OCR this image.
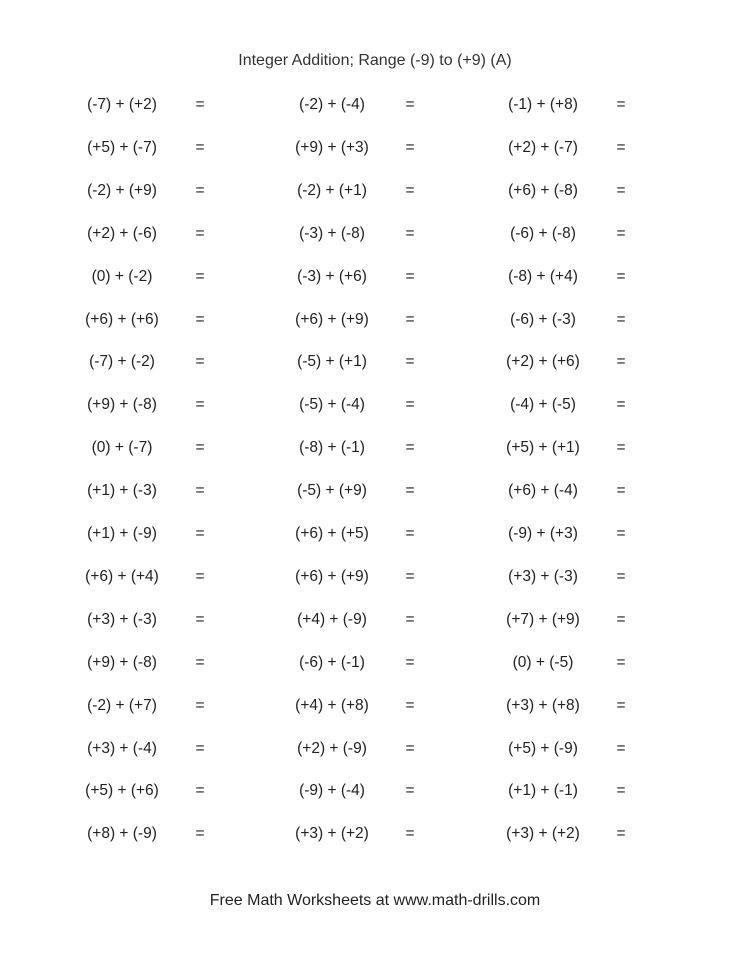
Integer Addition; Range (-9) to (+9) (A)
(-7) + (+2)	=	(-2) + (-4)	=	(-1) + (+8)	=
(+5) + (-7)	=	(+9) + (+3)	=	(+2) + (-7)	=
(-2) + (+9)	=	(-2) + (+1)	=	(+6) + (-8)	=
(+2) + (-6)	=	(-3) + (-8)	=	(-6) + (-8)	=
(0) + (-2)	=	(-3) + (+6)	=	(-8) + (+4)	=
(+6) + (+6)	=	(+6) + (+9)	=	(-6) + (-3)	=
(-7) + (-2)	=	(-5) + (+1)	=	(+2) + (+6)	=
(+9) + (-8)	=	(-5) + (-4)	=	(-4) + (-5)	=
(0) + (-7)	=	(-8) + (-1)	=	(+5) + (+1)	=
(+1) + (-3)	=	(-5) + (+9)	=	(+6) + (-4)	=
(+1) + (-9)	=	(+6) + (+5)	=	(-9) + (+3)	=
(+6) + (+4)	=	(+6) + (+9)	=	(+3) + (-3)	=
(+3) + (-3)	=	(+4) + (-9)	=	(+7) + (+9)	=
(+9) + (-8)	=	(-6) + (-1)	=	(0) + (-5)	=
(-2) + (+7)	=	(+4) + (+8)	=	(+3) + (+8)	=
(+3) + (-4)	=	(+2) + (-9)	=	(+5) + (-9)	=
(+5) + (+6)	=	(-9) + (-4)	=	(+1) + (-1)	=
(+8) + (-9)	=	(+3) + (+2)	=	(+3) + (+2)	=
Free Math Worksheets at www.math-drills.com
